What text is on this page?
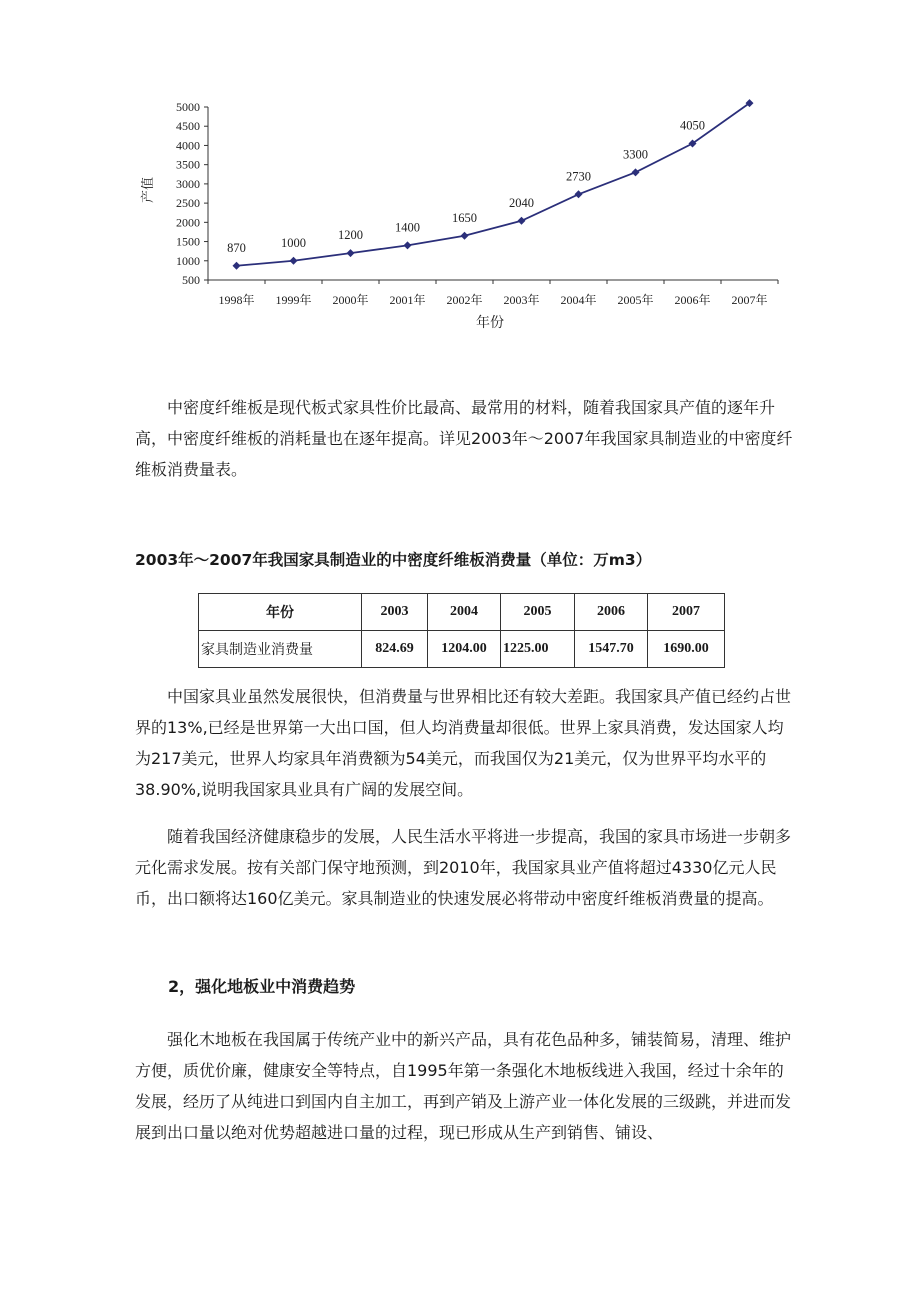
500
1000
1500
2000
2500
3000
3500
4000
4500
5000
1998年 1999年 2000年 2001年 2002年 2003年 2004年 2005年 2006年 2007年
870	1000
1200
1400
1650
2040
2730
3300
4050
产值
年份

中密度纤维板是现代板式家具性价比最高、最常用的材料，随着我国家具产值的逐年升高，中密度纤维板的消耗量也在逐年提高。详见2003年～2007年我国家具制造业的中密度纤维板消费量表。

2003年～2007年我国家具制造业的中密度纤维板消费量（单位：万m3）
年份	2003	2004	2005	2006	2007
家具制造业消费量	824.69	1204.00	1225.00	1547.70	1690.00

中国家具业虽然发展很快，但消费量与世界相比还有较大差距。我国家具产值已经约占世界的13%,已经是世界第一大出口国，但人均消费量却很低。世界上家具消费，发达国家人均为217美元，世界人均家具年消费额为54美元，而我国仅为21美元，仅为世界平均水平的38.90%,说明我国家具业具有广阔的发展空间。

随着我国经济健康稳步的发展，人民生活水平将进一步提高，我国的家具市场进一步朝多元化需求发展。按有关部门保守地预测，到2010年，我国家具业产值将超过4330亿元人民币，出口额将达160亿美元。家具制造业的快速发展必将带动中密度纤维板消费量的提高。

2，强化地板业中消费趋势

强化木地板在我国属于传统产业中的新兴产品，具有花色品种多，铺装简易，清理、维护方便，质优价廉，健康安全等特点，自1995年第一条强化木地板线进入我国，经过十余年的发展，经历了从纯进口到国内自主加工，再到产销及上游产业一体化发展的三级跳，并进而发展到出口量以绝对优势超越进口量的过程，现已形成从生产到销售、铺设、
